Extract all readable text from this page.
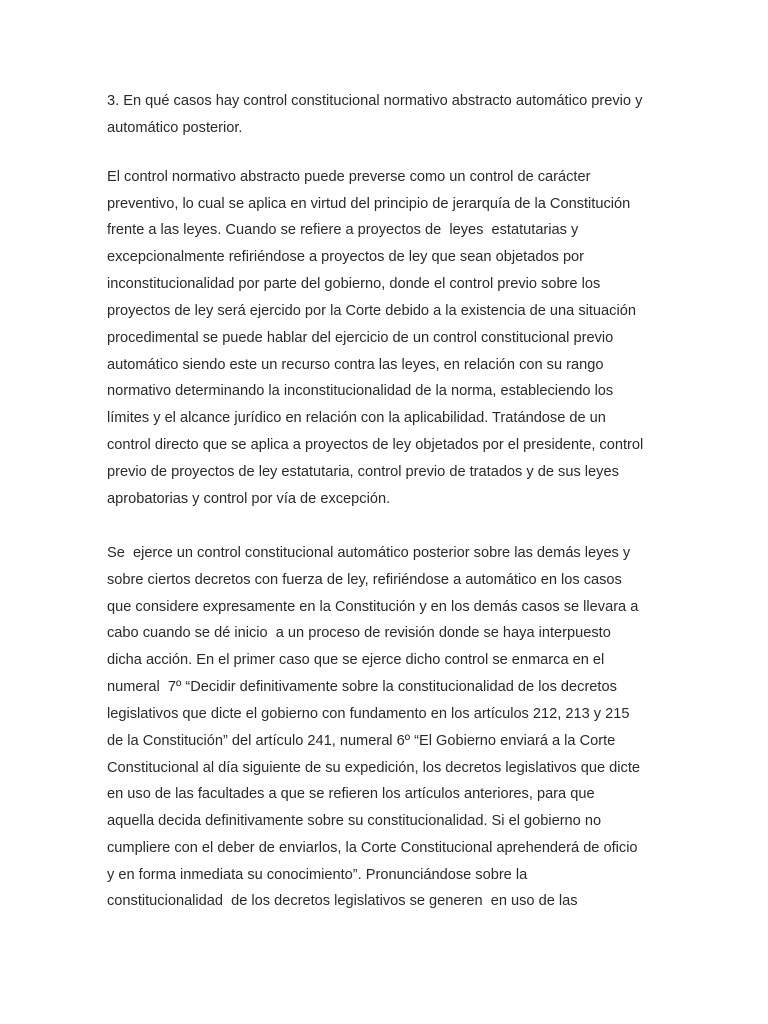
3. En qué casos hay control constitucional normativo abstracto automático previo y
automático posterior.
El control normativo abstracto puede preverse como un control de carácter
preventivo, lo cual se aplica en virtud del principio de jerarquía de la Constitución
frente a las leyes. Cuando se refiere a proyectos de  leyes  estatutarias y
excepcionalmente refiriéndose a proyectos de ley que sean objetados por
inconstitucionalidad por parte del gobierno, donde el control previo sobre los
proyectos de ley será ejercido por la Corte debido a la existencia de una situación
procedimental se puede hablar del ejercicio de un control constitucional previo
automático siendo este un recurso contra las leyes, en relación con su rango
normativo determinando la inconstitucionalidad de la norma, estableciendo los
límites y el alcance jurídico en relación con la aplicabilidad. Tratándose de un
control directo que se aplica a proyectos de ley objetados por el presidente, control
previo de proyectos de ley estatutaria, control previo de tratados y de sus leyes
aprobatorias y control por vía de excepción.
Se  ejerce un control constitucional automático posterior sobre las demás leyes y
sobre ciertos decretos con fuerza de ley, refiriéndose a automático en los casos
que considere expresamente en la Constitución y en los demás casos se llevara a
cabo cuando se dé inicio  a un proceso de revisión donde se haya interpuesto
dicha acción. En el primer caso que se ejerce dicho control se enmarca en el
numeral  7º “Decidir definitivamente sobre la constitucionalidad de los decretos
legislativos que dicte el gobierno con fundamento en los artículos 212, 213 y 215
de la Constitución” del artículo 241, numeral 6º “El Gobierno enviará a la Corte
Constitucional al día siguiente de su expedición, los decretos legislativos que dicte
en uso de las facultades a que se refieren los artículos anteriores, para que
aquella decida definitivamente sobre su constitucionalidad. Si el gobierno no
cumpliere con el deber de enviarlos, la Corte Constitucional aprehenderá de oficio
y en forma inmediata su conocimiento”. Pronunciándose sobre la
constitucionalidad  de los decretos legislativos se generen  en uso de las
